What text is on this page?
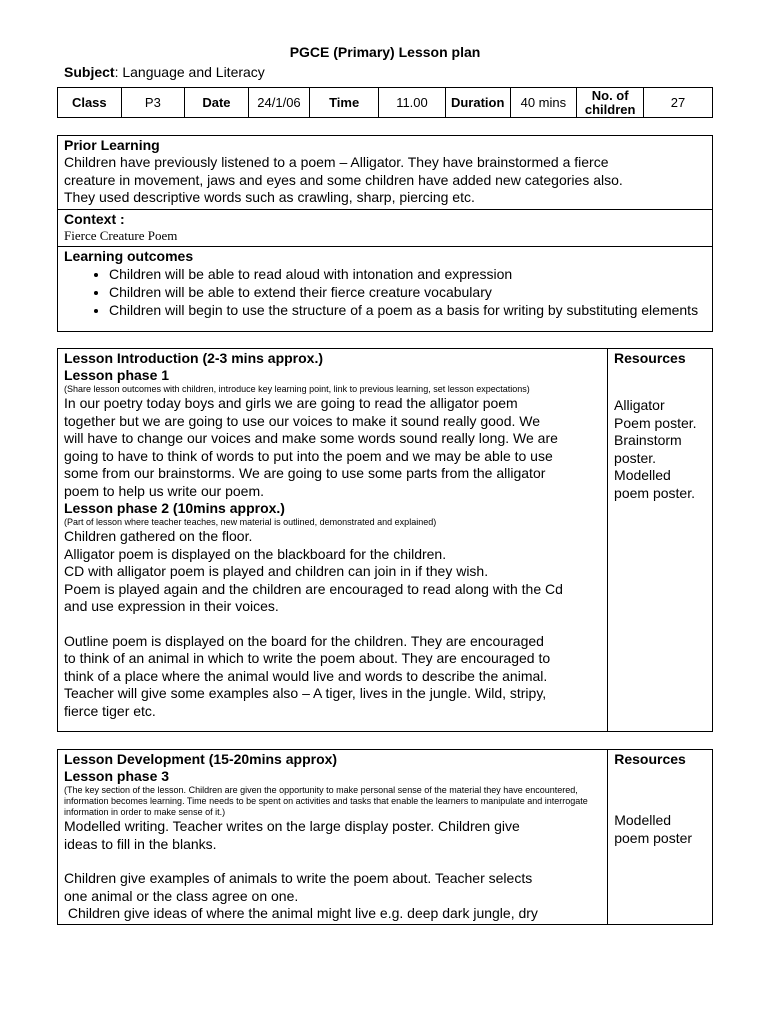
PGCE (Primary) Lesson plan
Subject: Language and Literacy
Class	P3	Date	24/1/06	Time	11.00	Duration	40 mins	No. of
children	27
Prior Learning
Children have previously listened to a poem – Alligator. They have brainstormed a fierce
creature in movement, jaws and eyes and some children have added new categories also.
They used descriptive words such as crawling, sharp, piercing etc.
Context :
Fierce Creature Poem
Learning outcomes
• Children will be able to read aloud with intonation and expression
• Children will be able to extend their fierce creature vocabulary
• Children will begin to use the structure of a poem as a basis for writing by substituting elements
Lesson Introduction (2-3 mins approx.)
Lesson phase 1
(Share lesson outcomes with children, introduce key learning point, link to previous learning, set lesson expectations)
In our poetry today boys and girls we are going to read the alligator poem
together but we are going to use our voices to make it sound really good. We
will have to change our voices and make some words sound really long. We are
going to have to think of words to put into the poem and we may be able to use
some from our brainstorms. We are going to use some parts from the alligator
poem to help us write our poem.
Lesson phase 2 (10mins approx.)
(Part of lesson where teacher teaches, new material is outlined, demonstrated and explained)
Children gathered on the floor.
Alligator poem is displayed on the blackboard for the children.
CD with alligator poem is played and children can join in if they wish.
Poem is played again and the children are encouraged to read along with the Cd
and use expression in their voices.
Outline poem is displayed on the board for the children. They are encouraged
to think of an animal in which to write the poem about. They are encouraged to
think of a place where the animal would live and words to describe the animal.
Teacher will give some examples also – A tiger, lives in the jungle. Wild, stripy,
fierce tiger etc.

Resources
Alligator
Poem poster.
Brainstorm
poster.
Modelled
poem poster.
Lesson Development (15-20mins approx)
Lesson phase 3
(The key section of the lesson. Children are given the opportunity to make personal sense of the material they have encountered, information becomes learning. Time needs to be spent on activities and tasks that enable the learners to manipulate and interrogate information in order to make sense of it.)
Modelled writing. Teacher writes on the large display poster. Children give
ideas to fill in the blanks.
Children give examples of animals to write the poem about. Teacher selects
one animal or the class agree on one.
Children give ideas of where the animal might live e.g. deep dark jungle, dry

Resources
Modelled
poem poster
